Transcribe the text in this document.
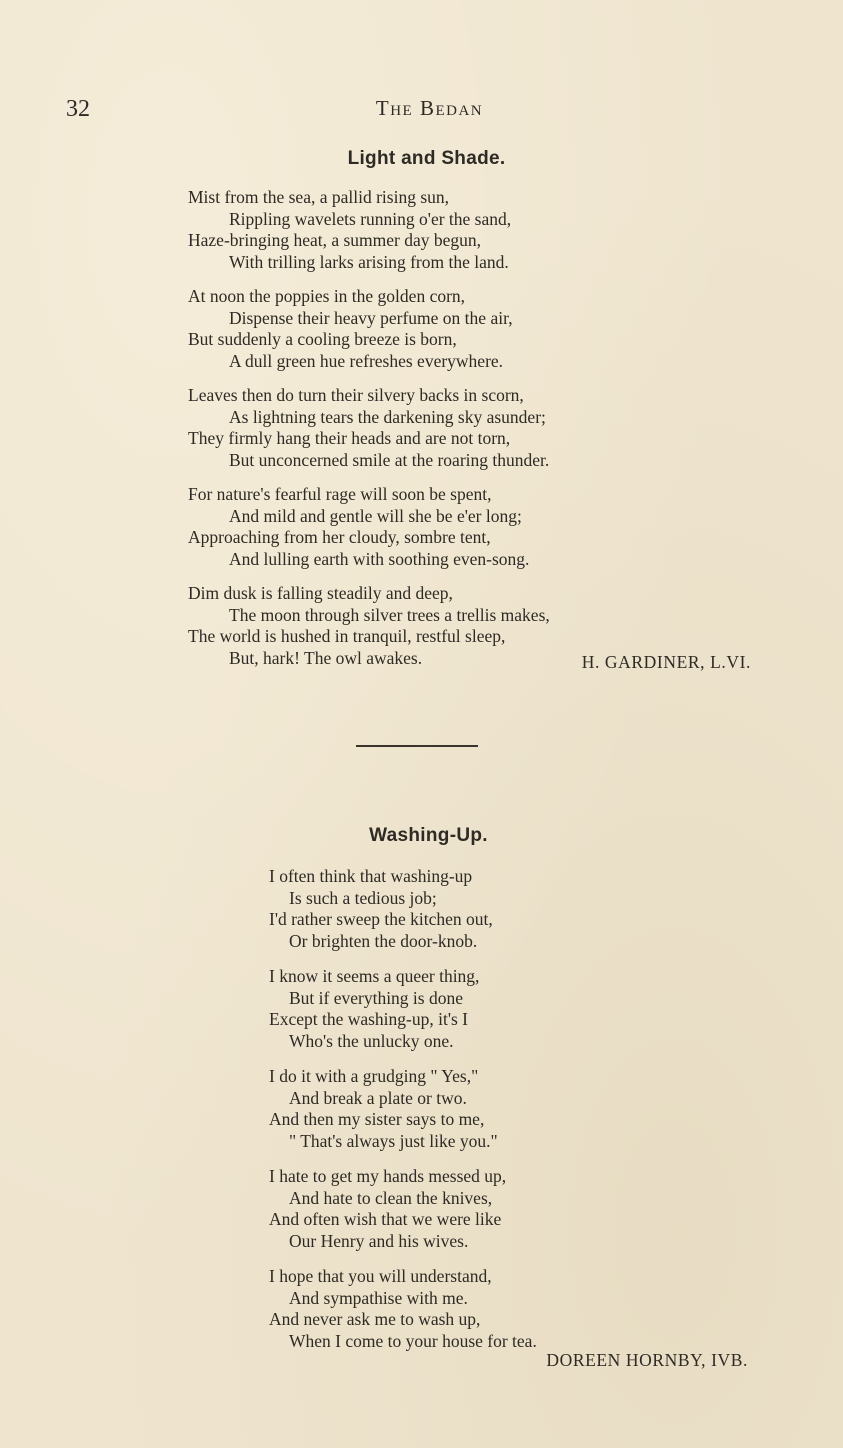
32	The Bedan
Light and Shade.
Mist from the sea, a pallid rising sun,
Rippling wavelets running o'er the sand,
Haze-bringing heat, a summer day begun,
With trilling larks arising from the land.
At noon the poppies in the golden corn,
Dispense their heavy perfume on the air,
But suddenly a cooling breeze is born,
A dull green hue refreshes everywhere.
Leaves then do turn their silvery backs in scorn,
As lightning tears the darkening sky asunder;
They firmly hang their heads and are not torn,
But unconcerned smile at the roaring thunder.
For nature's fearful rage will soon be spent,
And mild and gentle will she be e'er long;
Approaching from her cloudy, sombre tent,
And lulling earth with soothing even-song.
Dim dusk is falling steadily and deep,
The moon through silver trees a trellis makes,
The world is hushed in tranquil, restful sleep,
But, hark! The owl awakes.	H. GARDINER, L.VI.
Washing-Up.
I often think that washing-up
Is such a tedious job;
I'd rather sweep the kitchen out,
Or brighten the door-knob.
I know it seems a queer thing,
But if everything is done
Except the washing-up, it's I
Who's the unlucky one.
I do it with a grudging " Yes,"
And break a plate or two.
And then my sister says to me,
" That's always just like you."
I hate to get my hands messed up,
And hate to clean the knives,
And often wish that we were like
Our Henry and his wives.
I hope that you will understand,
And sympathise with me.
And never ask me to wash up,
When I come to your house for tea.
DOREEN HORNBY, IVB.
